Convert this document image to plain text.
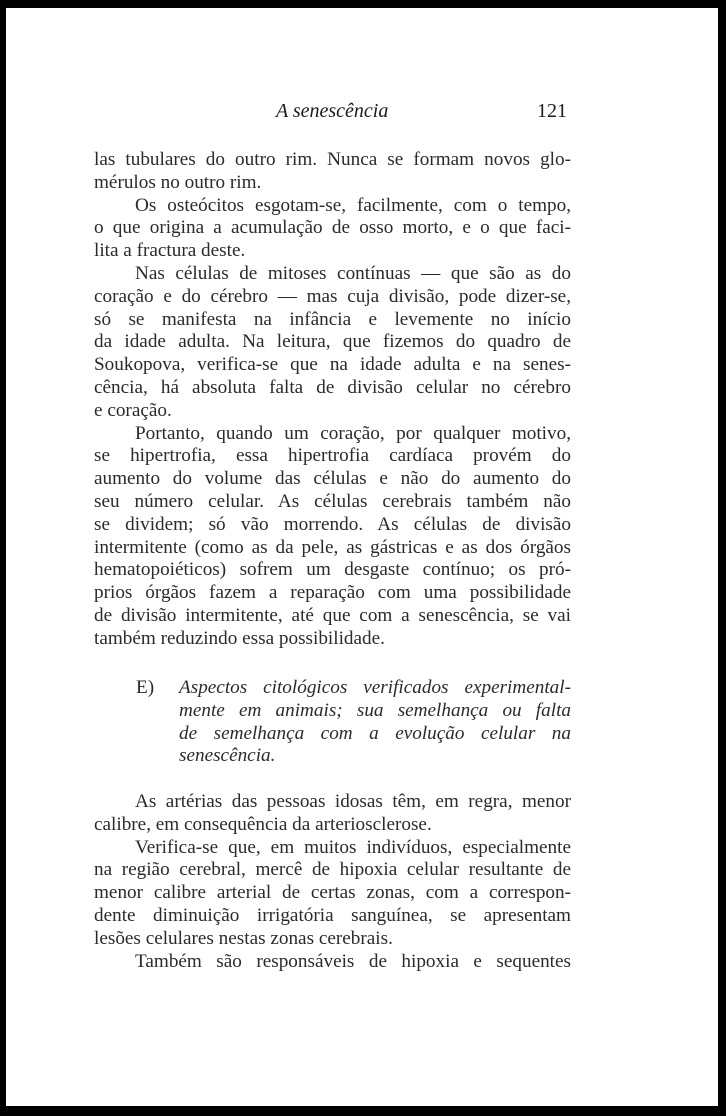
A senescência	121

las tubulares do outro rim. Nunca se formam novos glo-

mérulos no outro rim.

Os osteócitos esgotam-se, facilmente, com o tempo,

o que origina a acumulação de osso morto, e o que faci-

lita a fractura deste.

Nas células de mitoses contínuas — que são as do

coração e do cérebro — mas cuja divisão, pode dizer-se,

só se manifesta na infância e levemente no início

da idade adulta. Na leitura, que fizemos do quadro de

Soukopova, verifica-se que na idade adulta e na senes-

cência, há absoluta falta de divisão celular no cérebro

e coração.

Portanto, quando um coração, por qualquer motivo,

se hipertrofia, essa hipertrofia cardíaca provém do

aumento do volume das células e não do aumento do

seu número celular. As células cerebrais também não

se dividem; só vão morrendo. As células de divisão

intermitente (como as da pele, as gástricas e as dos órgãos

hematopoiéticos) sofrem um desgaste contínuo; os pró-

prios órgãos fazem a reparação com uma possibilidade

de divisão intermitente, até que com a senescência, se vai

também reduzindo essa possibilidade.

E) Aspectos citológicos verificados experimental-
mente em animais; sua semelhança ou falta
de semelhança com a evolução celular na
senescência.

As artérias das pessoas idosas têm, em regra, menor

calibre, em consequência da arteriosclerose.

Verifica-se que, em muitos indivíduos, especialmente

na região cerebral, mercê de hipoxia celular resultante de

menor calibre arterial de certas zonas, com a correspon-

dente diminuição irrigatória sanguínea, se apresentam

lesões celulares nestas zonas cerebrais.

Também são responsáveis de hipoxia e sequentes
